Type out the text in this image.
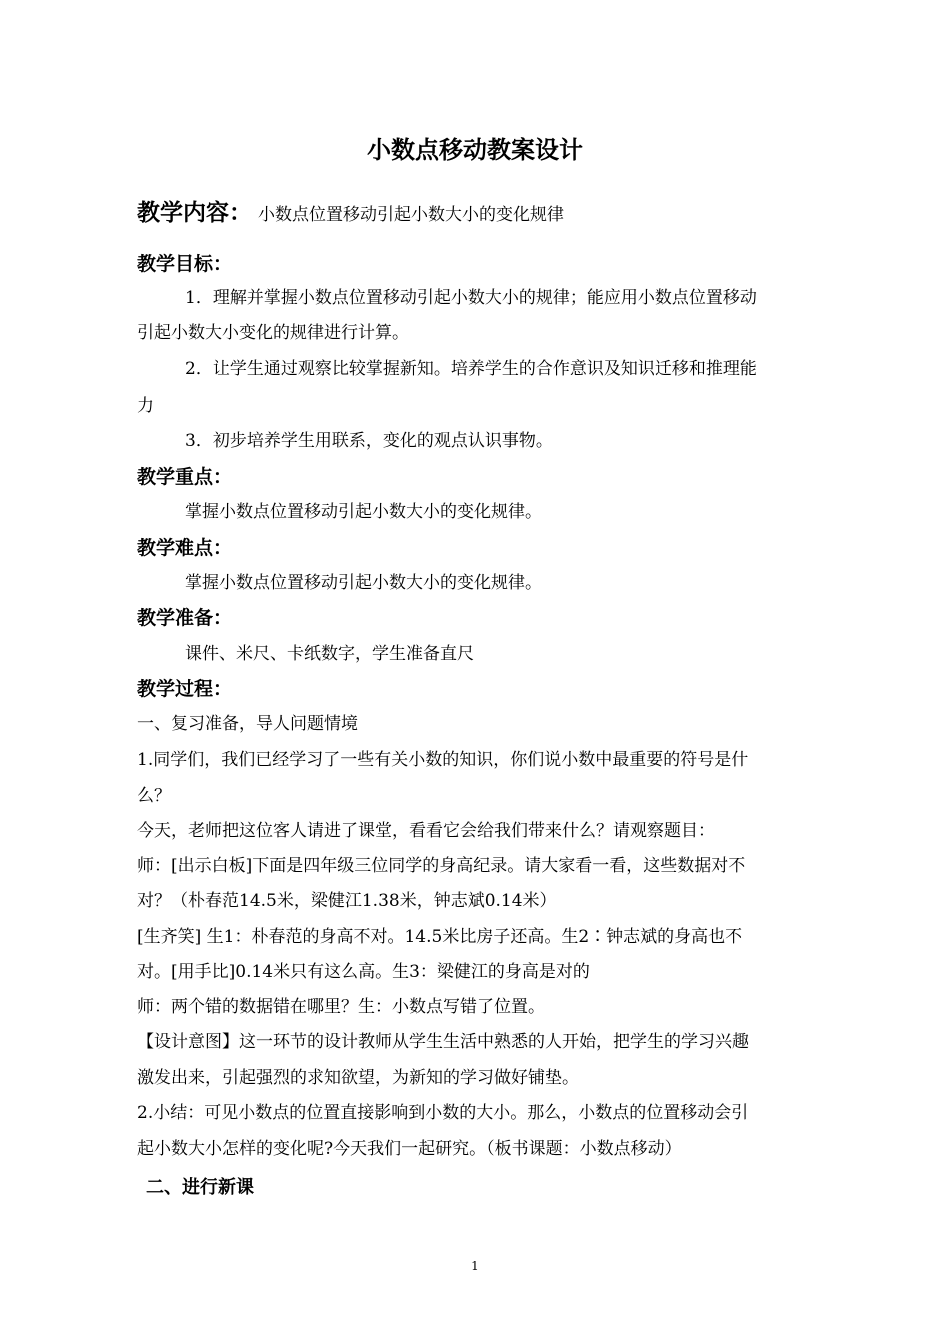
小数点移动教案设计
教学内容： 小数点位置移动引起小数大小的变化规律
教学目标：
1．理解并掌握小数点位置移动引起小数大小的规律；能应用小数点位置移动
引起小数大小变化的规律进行计算。
2．让学生通过观察比较掌握新知。培养学生的合作意识及知识迁移和推理能
力
3．初步培养学生用联系，变化的观点认识事物。
教学重点：
掌握小数点位置移动引起小数大小的变化规律。
教学难点：
掌握小数点位置移动引起小数大小的变化规律。
教学准备：
课件、米尺、卡纸数字，学生准备直尺
教学过程：
一、复习准备，导人问题情境
1.同学们，我们已经学习了一些有关小数的知识，你们说小数中最重要的符号是什
么？
今天，老师把这位客人请进了课堂，看看它会给我们带来什么？请观察题目：
师：[出示白板]下面是四年级三位同学的身高纪录。请大家看一看，这些数据对不
对？（朴春范14.5米，梁健江1.38米，钟志斌0.14米）
[生齐笑] 生1：朴春范的身高不对。14.5米比房子还高。生2∶钟志斌的身高也不
对。[用手比]0.14米只有这么高。生3：梁健江的身高是对的
师：两个错的数据错在哪里？生：小数点写错了位置。
【设计意图】这一环节的设计教师从学生生活中熟悉的人开始，把学生的学习兴趣
激发出来，引起强烈的求知欲望，为新知的学习做好铺垫。
2.小结：可见小数点的位置直接影响到小数的大小。那么，小数点的位置移动会引
起小数大小怎样的变化呢?今天我们一起研究。（板书课题：小数点移动）
二、进行新课
1
